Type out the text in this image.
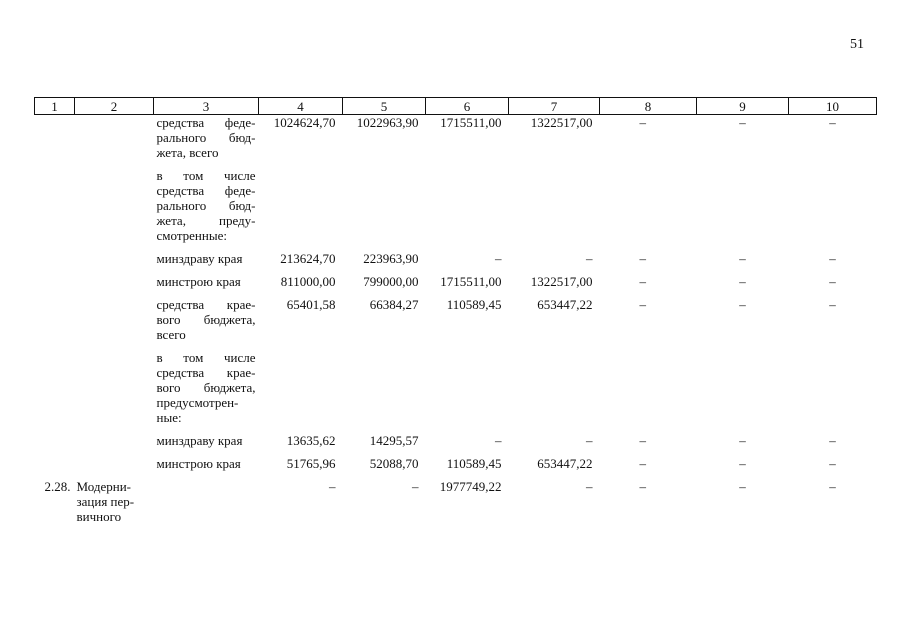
51
1	2	3	4	5	6	7	8	9	10
		средства феде-рального бюд-жета, всего	1024624,70	1022963,90	1715511,00	1322517,00	–	–	–
		в том числе средства феде-рального бюд-жета, преду-смотренные:							
		минздраву края	213624,70	223963,90	–	–	–	–	–
		минстрою края	811000,00	799000,00	1715511,00	1322517,00	–	–	–
		средства крае-вого бюджета, всего	65401,58	66384,27	110589,45	653447,22	–	–	–
		в том числе средства крае-вого бюджета, предусмотрен-ные:							
		минздраву края	13635,62	14295,57	–	–	–	–	–
		минстрою края	51765,96	52088,70	110589,45	653447,22	–	–	–
2.28.	Модерни-зация пер-вичного		–	–	1977749,22	–	–	–	–
